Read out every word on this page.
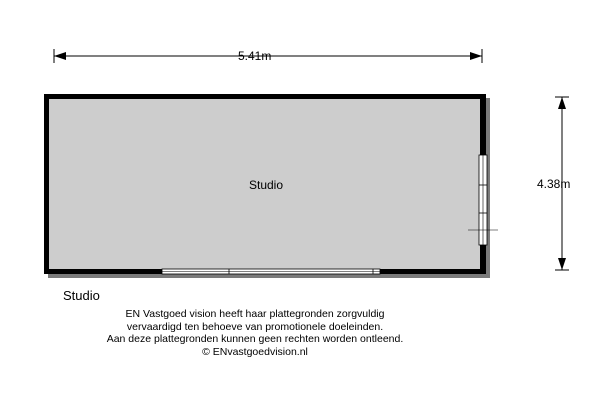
5.41m
4.38m
Studio
Studio
EN Vastgoed vision heeft haar plattegronden zorgvuldig
vervaardigd ten behoeve van promotionele doeleinden.
Aan deze plattegronden kunnen geen rechten worden ontleend.
© ENvastgoedvision.nl
